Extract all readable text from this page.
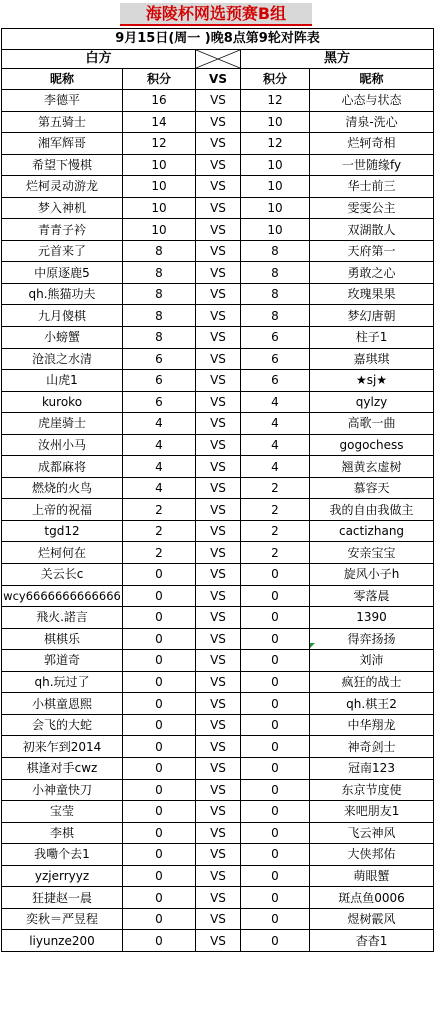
海陵杯网选预赛B组
9月15日(周一 )晚8点第9轮对阵表				
白方			黑方	
昵称	积分	VS	积分	昵称
李德平	16	VS	12	心态与状态
第五骑士	14	VS	10	清泉-洗心
湘军辉哥	12	VS	12	烂轲奇相
希望下慢棋	10	VS	10	一世随缘fy
烂柯灵动游龙	10	VS	10	华士前三
梦入神机	10	VS	10	雯雯公主
青青子衿	10	VS	10	双湖散人
元首来了	8	VS	8	天府第一
中原逐鹿5	8	VS	8	勇敢之心
qh.熊猫功夫	8	VS	8	玫瑰果果
九月傻棋	8	VS	8	梦幻唐朝
小螃蟹	8	VS	6	柱子1
沧浪之水清	6	VS	6	嘉琪琪
山虎1	6	VS	6	★sj★
kuroko	6	VS	4	qylzy
虎崖骑士	4	VS	4	高歌一曲
汝州小马	4	VS	4	gogochess
成都麻将	4	VS	4	翘黄玄虚树
燃烧的火鸟	4	VS	2	慕容天
上帝的祝福	2	VS	2	我的自由我做主
tgd12	2	VS	2	cactizhang
烂柯何在	2	VS	2	安亲宝宝
关云长c	0	VS	0	旋风小子h
wcy6666666666666	0	VS	0	零落晨
飛火.諾言	0	VS	0	1390
棋棋乐	0	VS	0	得弈扬扬
郭道奇	0	VS	0	刘沛
qh.玩过了	0	VS	0	疯狂的战士
小棋童恩熙	0	VS	0	qh.棋王2
会飞的大蛇	0	VS	0	中华翔龙
初来乍到2014	0	VS	0	神奇剑士
棋逢对手cwz	0	VS	0	冠南123
小神童快刀	0	VS	0	东京节度使
宝莹	0	VS	0	来吧朋友1
李棋	0	VS	0	飞云神风
我嘞个去1	0	VS	0	大侠邦佑
yzjerryyz	0	VS	0	萌眼蟹
狂捷赵一晨	0	VS	0	斑点鱼0006
奕秋＝严昱程	0	VS	0	煜树霰风
liyunze200	0	VS	0	杳杳1
